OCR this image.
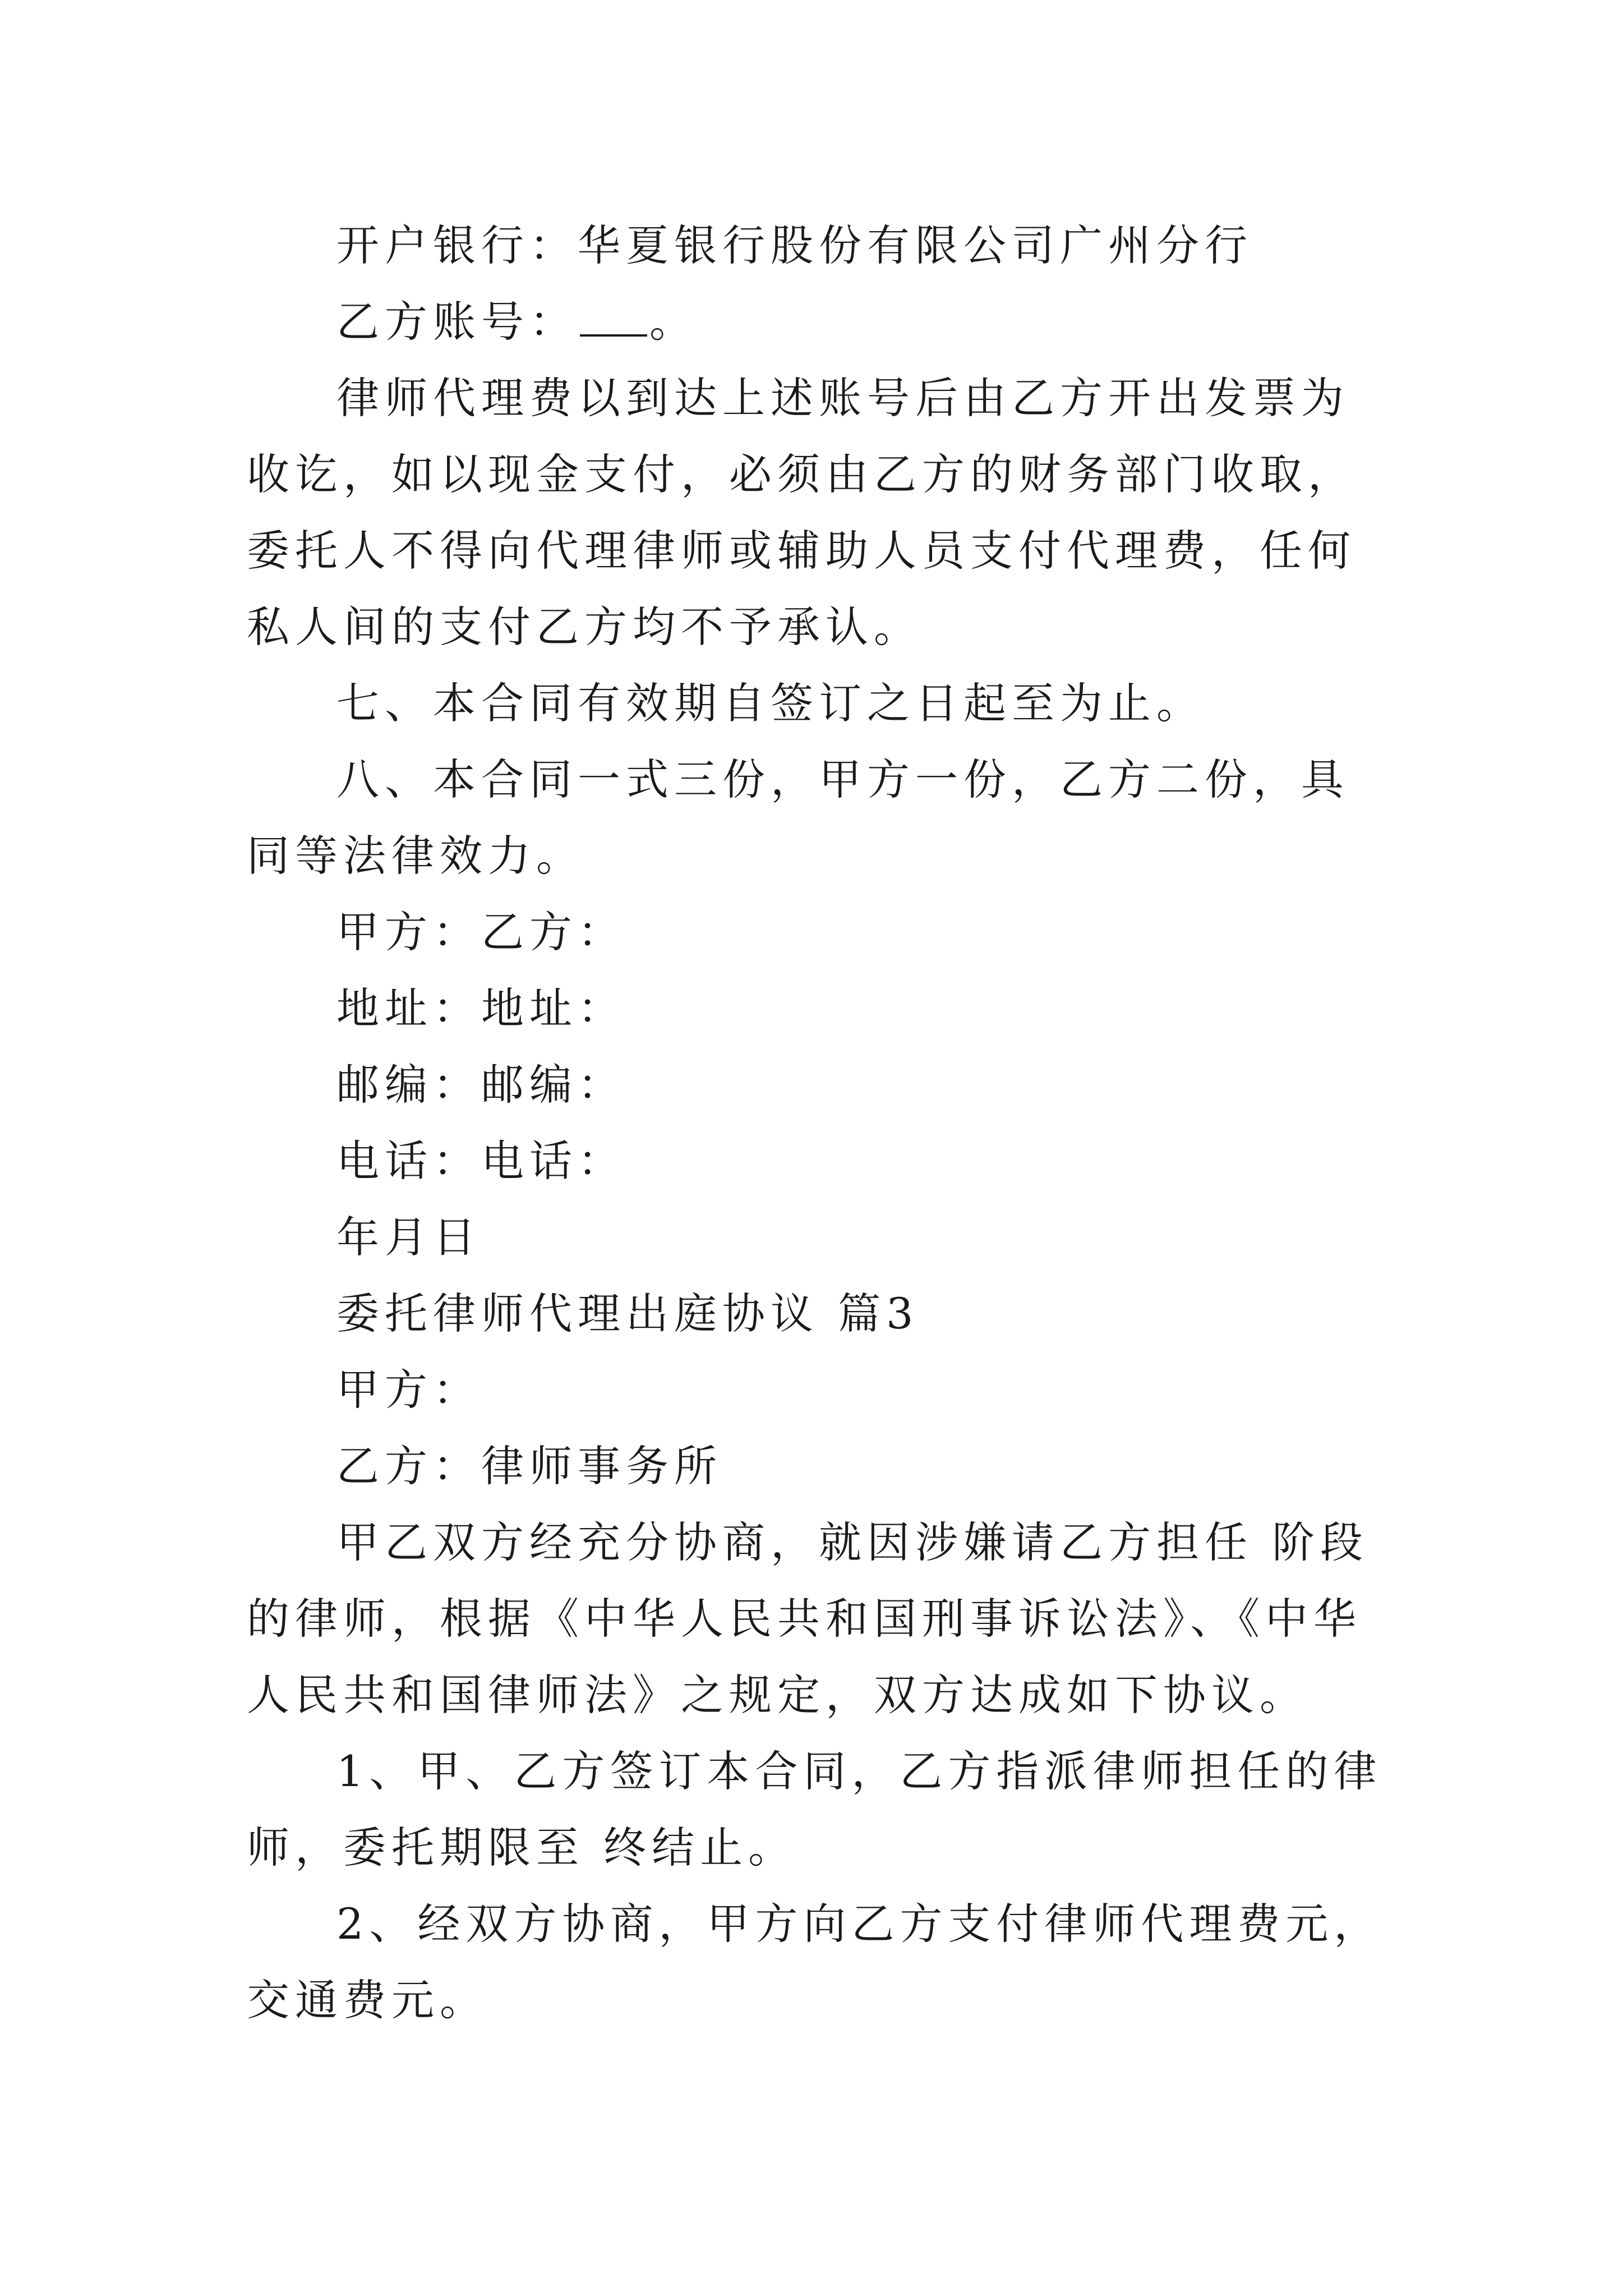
开户银行：华夏银行股份有限公司广州分行

乙方账号： 。

律师代理费以到达上述账号后由乙方开出发票为收讫，如以现金支付，必须由乙方的财务部门收取，委托人不得向代理律师或辅助人员支付代理费，任何私人间的支付乙方均不予承认。

七、本合同有效期自签订之日起至为止。

八、本合同一式三份，甲方一份，乙方二份，具同等法律效力。

甲方：乙方：

地址：地址：

邮编：邮编：

电话：电话：

年月日

委托律师代理出庭协议 篇3

甲方：

乙方：律师事务所

甲乙双方经充分协商，就因涉嫌请乙方担任 阶段的律师，根据《中华人民共和国刑事诉讼法》、《中华人民共和国律师法》之规定，双方达成如下协议。

1、甲、乙方签订本合同，乙方指派律师担任的律师，委托期限至 终结止。

2、经双方协商，甲方向乙方支付律师代理费元，交通费元。
